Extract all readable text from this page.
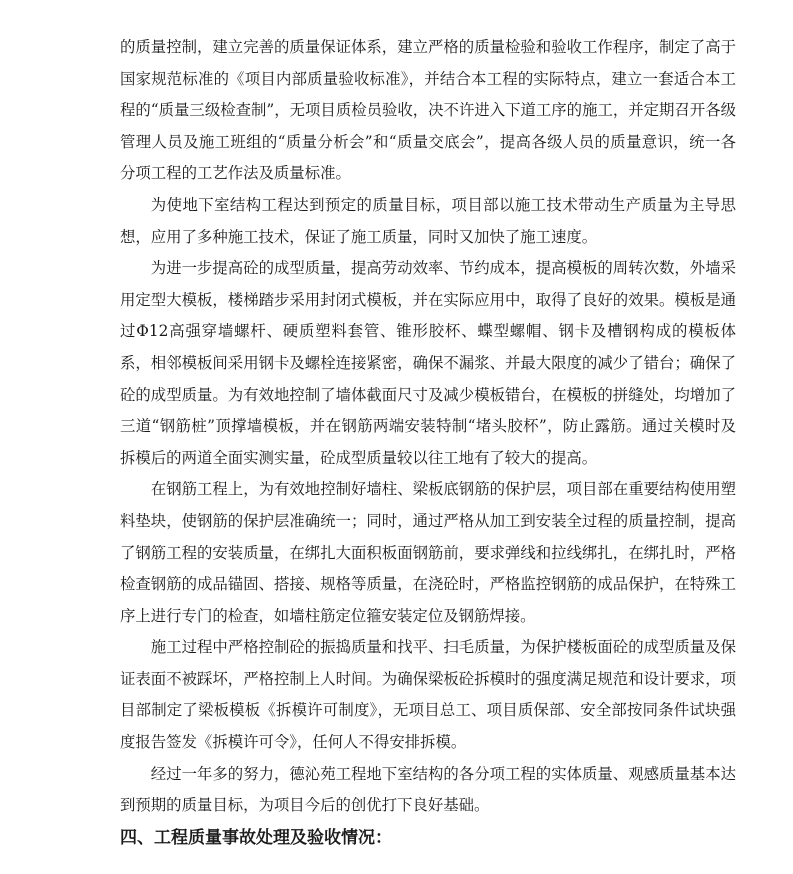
的质量控制，建立完善的质量保证体系，建立严格的质量检验和验收工作程序，制定了高于国家规范标准的《项目内部质量验收标准》，并结合本工程的实际特点，建立一套适合本工程的“质量三级检查制”，无项目质检员验收，决不许进入下道工序的施工，并定期召开各级管理人员及施工班组的“质量分析会”和“质量交底会”，提高各级人员的质量意识，统一各分项工程的工艺作法及质量标准。

为使地下室结构工程达到预定的质量目标，项目部以施工技术带动生产质量为主导思想，应用了多种施工技术，保证了施工质量，同时又加快了施工速度。

为进一步提高砼的成型质量，提高劳动效率、节约成本，提高模板的周转次数，外墙采用定型大模板，楼梯踏步采用封闭式模板，并在实际应用中，取得了良好的效果。模板是通过Φ12高强穿墙螺杆、硬质塑料套管、锥形胶杯、蝶型螺帽、钢卡及槽钢构成的模板体系，相邻模板间采用钢卡及螺栓连接紧密，确保不漏浆、并最大限度的减少了错台；确保了砼的成型质量。为有效地控制了墙体截面尺寸及减少模板错台，在模板的拼缝处，均增加了三道“钢筋桩”顶撑墙模板，并在钢筋两端安装特制“堵头胶杯”，防止露筋。通过关模时及拆模后的两道全面实测实量，砼成型质量较以往工地有了较大的提高。

在钢筋工程上，为有效地控制好墙柱、梁板底钢筋的保护层，项目部在重要结构使用塑料垫块，使钢筋的保护层准确统一；同时，通过严格从加工到安装全过程的质量控制，提高了钢筋工程的安装质量，在绑扎大面积板面钢筋前，要求弹线和拉线绑扎，在绑扎时，严格检查钢筋的成品锚固、搭接、规格等质量，在浇砼时，严格监控钢筋的成品保护，在特殊工序上进行专门的检查，如墙柱筋定位箍安装定位及钢筋焊接。

施工过程中严格控制砼的振捣质量和找平、扫毛质量，为保护楼板面砼的成型质量及保证表面不被踩坏，严格控制上人时间。为确保梁板砼拆模时的强度满足规范和设计要求，项目部制定了梁板模板《拆模许可制度》，无项目总工、项目质保部、安全部按同条件试块强度报告签发《拆模许可令》，任何人不得安排拆模。

经过一年多的努力，德沁苑工程地下室结构的各分项工程的实体质量、观感质量基本达到预期的质量目标，为项目今后的创优打下良好基础。

四、工程质量事故处理及验收情况：
